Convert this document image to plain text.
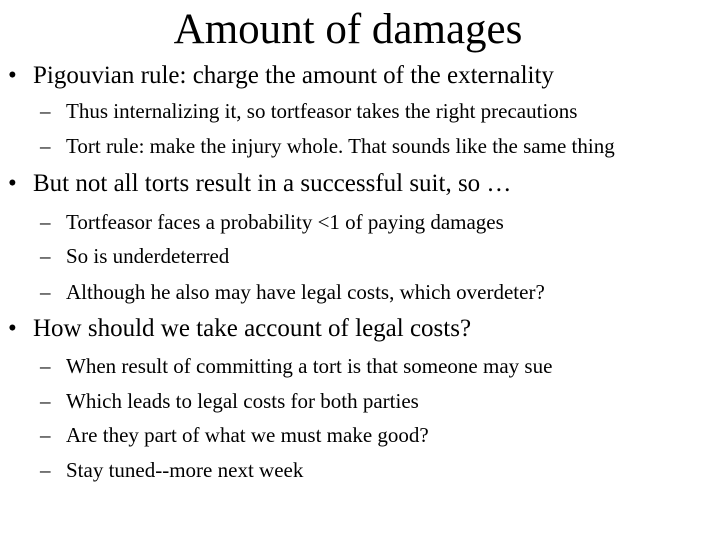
Amount of damages
• Pigouvian rule: charge the amount of the externality
– Thus internalizing it, so tortfeasor takes the right precautions
– Tort rule: make the injury whole. That sounds like the same thing
• But not all torts result in a successful suit, so …
– Tortfeasor faces a probability <1 of paying damages
– So is underdeterred
– Although he also may have legal costs, which overdeter?
• How should we take account of legal costs?
– When result of committing a tort is that someone may sue
– Which leads to legal costs for both parties
– Are they part of what we must make good?
– Stay tuned--more next week
